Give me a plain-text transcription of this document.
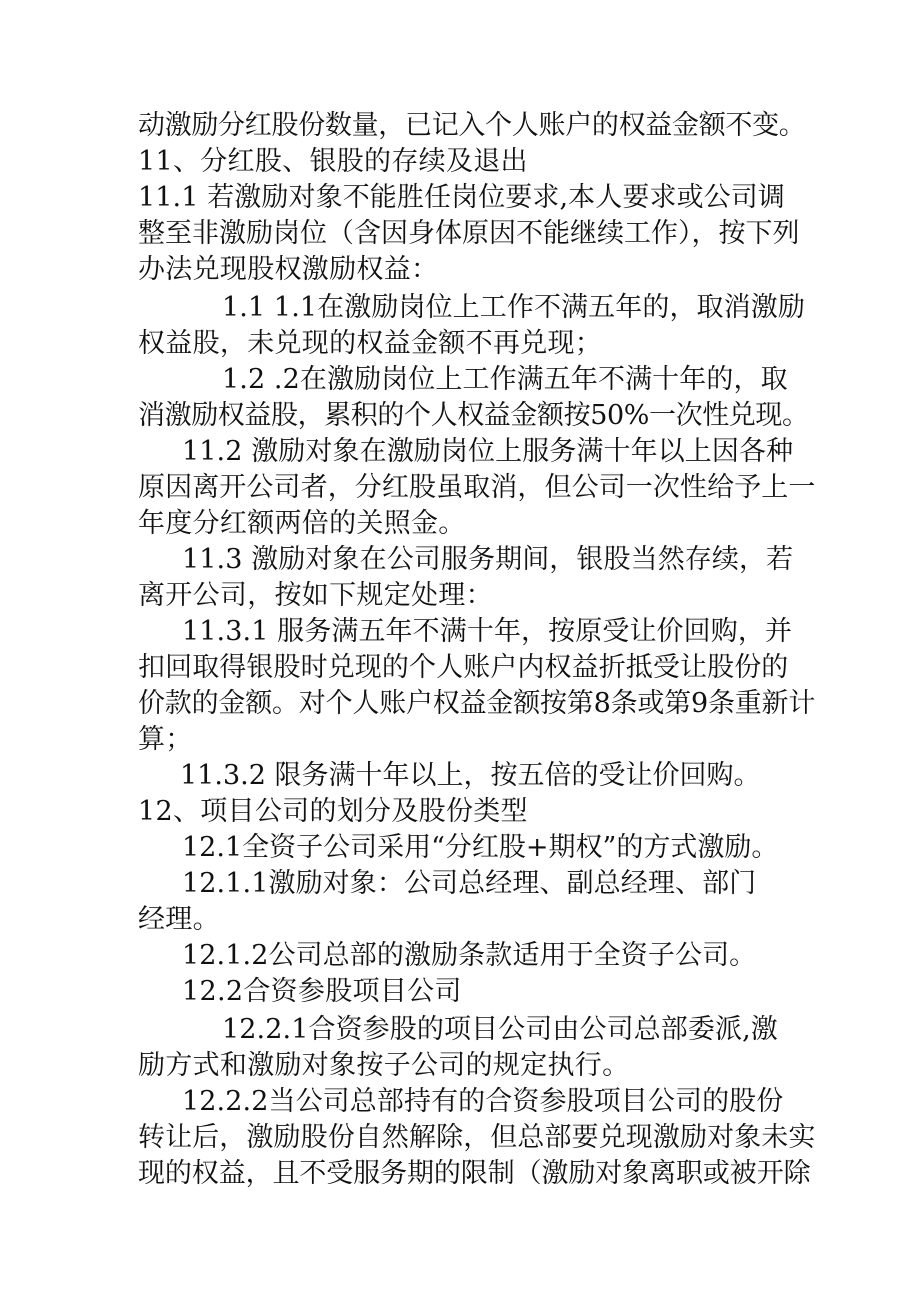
动激励分红股份数量，已记入个人账户的权益金额不变。
11、分红股、银股的存续及退出
11.1 若激励对象不能胜任岗位要求,本人要求或公司调
整至非激励岗位（含因身体原因不能继续工作），按下列
办法兑现股权激励权益：
1.1 1.1在激励岗位上工作不满五年的，取消激励
权益股，未兑现的权益金额不再兑现；
1.2 .2在激励岗位上工作满五年不满十年的，取
消激励权益股，累积的个人权益金额按50%一次性兑现。
11.2 激励对象在激励岗位上服务满十年以上因各种
原因离开公司者，分红股虽取消，但公司一次性给予上一
年度分红额两倍的关照金。
11.3 激励对象在公司服务期间，银股当然存续，若
离开公司，按如下规定处理：
11.3.1 服务满五年不满十年，按原受让价回购，并
扣回取得银股时兑现的个人账户内权益折抵受让股份的
价款的金额。对个人账户权益金额按第8条或第9条重新计
算；
11.3.2 限务满十年以上，按五倍的受让价回购。
12、项目公司的划分及股份类型
12.1全资子公司采用“分红股+期权”的方式激励。
12.1.1激励对象：公司总经理、副总经理、部门
经理。
12.1.2公司总部的激励条款适用于全资子公司。
12.2合资参股项目公司
12.2.1合资参股的项目公司由公司总部委派,激
励方式和激励对象按子公司的规定执行。
12.2.2当公司总部持有的合资参股项目公司的股份
转让后，激励股份自然解除，但总部要兑现激励对象未实
现的权益，且不受服务期的限制（激励对象离职或被开除
